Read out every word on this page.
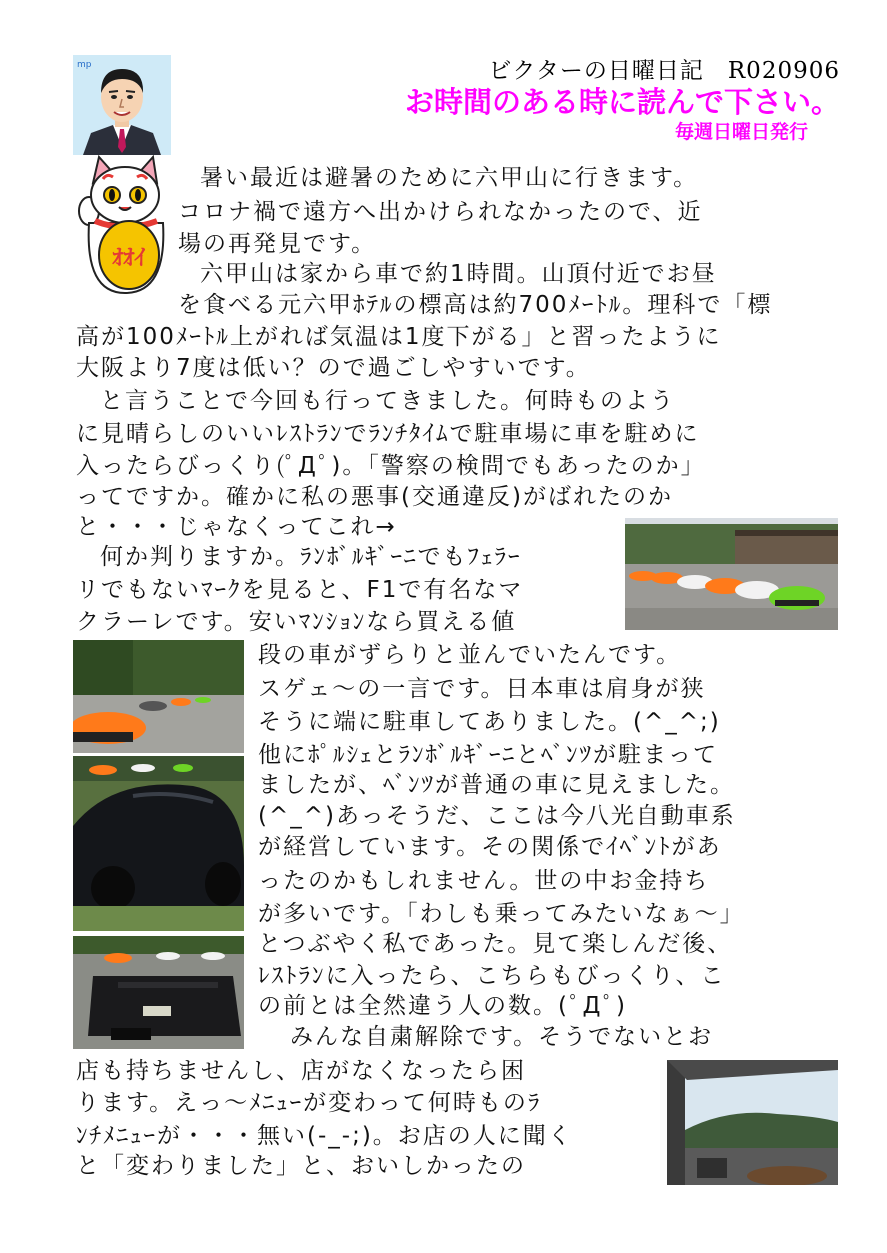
mp
ｵｵｲ
ビクターの日曜日記　R020906
お時間のある時に読んで下さい。
毎週日曜日発行
暑い最近は避暑のために六甲山に行きます。
コロナ禍で遠方へ出かけられなかったので、近
場の再発見です。
六甲山は家から車で約1時間。山頂付近でお昼
を食べる元六甲ﾎﾃﾙの標高は約700ﾒｰﾄﾙ。理科で「標
高が100ﾒｰﾄﾙ上がれば気温は1度下がる」と習ったように
大阪より7度は低い？ので過ごしやすいです。
と言うことで今回も行ってきました。何時ものよう
に見晴らしのいいﾚｽﾄﾗﾝでﾗﾝﾁﾀｲﾑで駐車場に車を駐めに
入ったらびっくり(ﾟДﾟ)。「警察の検問でもあったのか」
ってですか。確かに私の悪事(交通違反)がばれたのか
と・・・じゃなくってこれ→
何か判りますか。ﾗﾝﾎﾞﾙｷﾞｰﾆでもﾌｪﾗｰ
リでもないﾏｰｸを見ると、F1で有名なマ
クラーレです。安いﾏﾝｼｮﾝなら買える値
段の車がずらりと並んでいたんです。
スゲェ～の一言です。日本車は肩身が狭
そうに端に駐車してありました。(^_^;)
他にﾎﾟﾙｼｪとﾗﾝﾎﾞﾙｷﾞｰﾆとﾍﾞﾝﾂが駐まって
ましたが、ﾍﾞﾝﾂが普通の車に見えました。
(^_^)あっそうだ、ここは今八光自動車系
が経営しています。その関係でｲﾍﾞﾝﾄがあ
ったのかもしれません。世の中お金持ち
が多いです。「わしも乗ってみたいなぁ～」
とつぶやく私であった。見て楽しんだ後、
ﾚｽﾄﾗﾝに入ったら、こちらもびっくり、こ
の前とは全然違う人の数。(ﾟДﾟ)
みんな自粛解除です。そうでないとお
店も持ちませんし、店がなくなったら困
ります。えっ～ﾒﾆｭｰが変わって何時ものﾗ
ﾝﾁﾒﾆｭｰが・・・無い(-_-;)。お店の人に聞く
と「変わりました」と、おいしかったの
